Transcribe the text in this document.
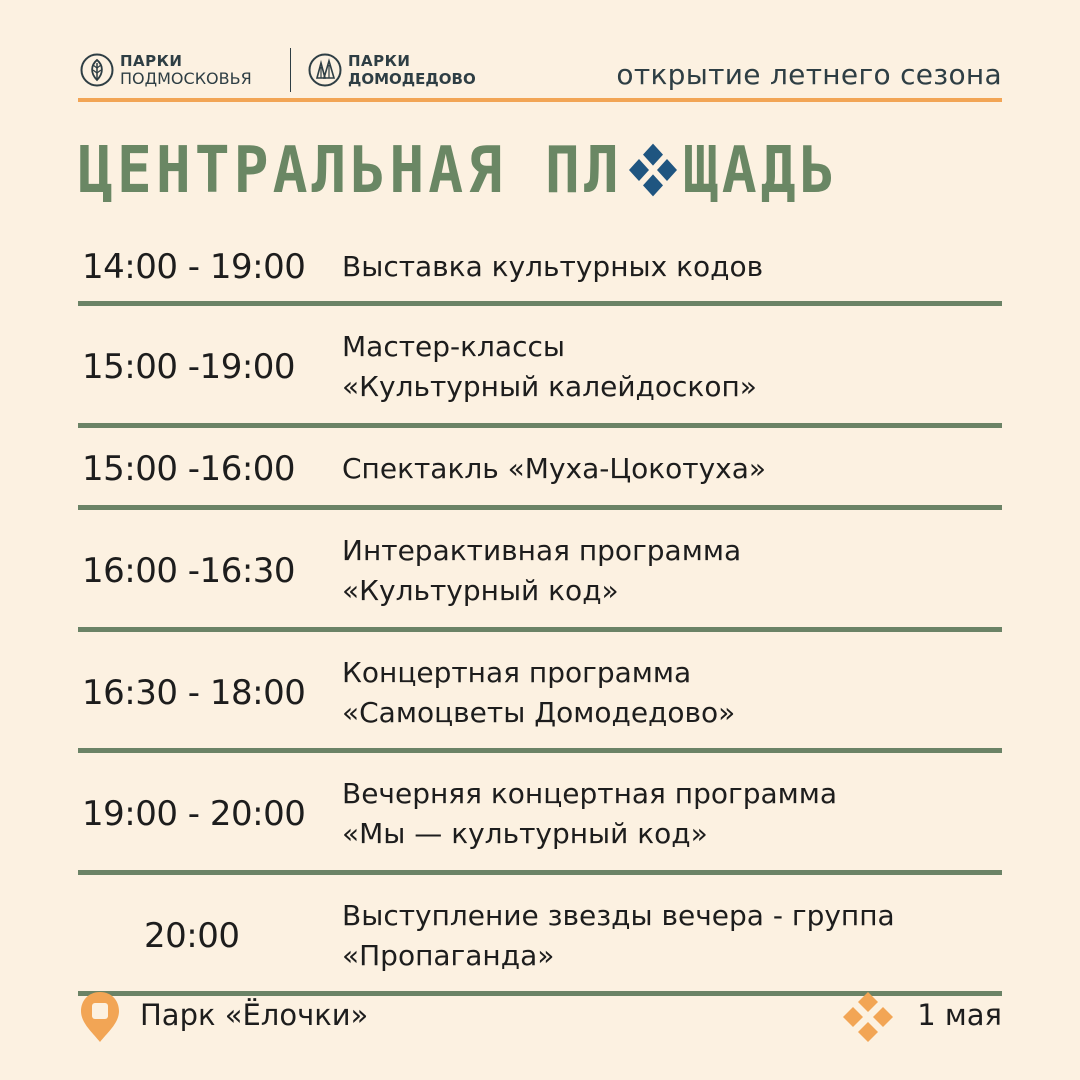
ПАРКИ
ПОДМОСКОВЬЯ
ПАРКИ
ДОМОДЕДОВО	открытие летнего сезона
ЦЕНТРАЛЬНАЯ ПЛ ЩАДЬ
14:00 - 19:00 Выставка культурных кодов
15:00 -19:00
Мастер-классы
«Культурный калейдоскоп»
15:00 -16:00 Спектакль «Муха-Цокотуха»
16:00 -16:30
Интерактивная программа
«Культурный код»
16:30 - 18:00
Концертная программа
«Самоцветы Домодедово»
19:00 - 20:00
Вечерняя концертная программа
«Мы — культурный код»
20:00
Выступление звезды вечера - группа
«Пропаганда»
Парк «Ёлочки»	1 мая
